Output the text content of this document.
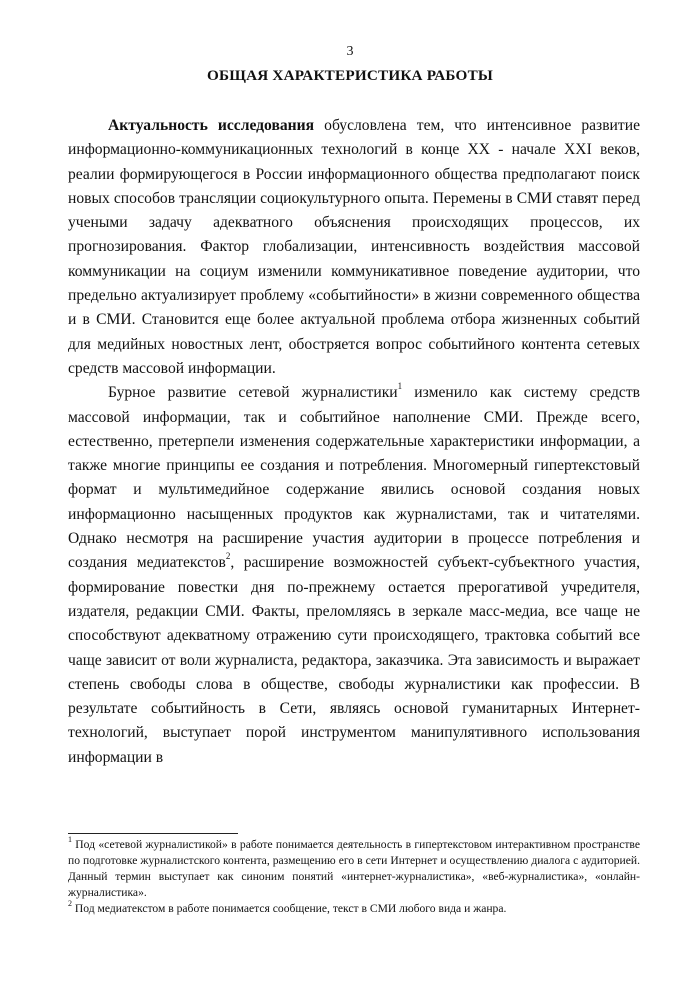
3
ОБЩАЯ ХАРАКТЕРИСТИКА РАБОТЫ

Актуальность исследования обусловлена тем, что интенсивное развитие информационно-коммуникационных технологий в конце XX - начале XXI веков, реалии формирующегося в России информационного общества предполагают поиск новых способов трансляции социокультурного опыта. Перемены в СМИ ставят перед учеными задачу адекватного объяснения происходящих процессов, их прогнозирования. Фактор глобализации, интенсивность воздействия массовой коммуникации на социум изменили коммуникативное поведение аудитории, что предельно актуализирует проблему «событийности» в жизни современного общества и в СМИ. Становится еще более актуальной проблема отбора жизненных событий для медийных новостных лент, обостряется вопрос событийного контента сетевых средств массовой информации.

Бурное развитие сетевой журналистики$^1$ изменило как систему средств массовой информации, так и событийное наполнение СМИ. Прежде всего, естественно, претерпели изменения содержательные характеристики информации, а также многие принципы ее создания и потребления. Многомерный гипертекстовый формат и мультимедийное содержание явились основой создания новых информационно насыщенных продуктов как журналистами, так и читателями. Однако несмотря на расширение участия аудитории в процессе потребления и создания медиатекстов$^2$, расширение возможностей субъект-субъектного участия, формирование повестки дня по-прежнему остается прерогативой учредителя, издателя, редакции СМИ. Факты, преломляясь в зеркале масс-медиа, все чаще не способствуют адекватному отражению сути происходящего, трактовка событий все чаще зависит от воли журналиста, редактора, заказчика. Эта зависимость и выражает степень свободы слова в обществе, свободы журналистики как профессии. В результате событийность в Сети, являясь основой гуманитарных Интернет-технологий, выступает порой инструментом манипулятивного использования информации в

$^1$ Под «сетевой журналистикой» в работе понимается деятельность в гипертекстовом интерактивном пространстве по подготовке журналистского контента, размещению его в сети Интернет и осуществлению диалога с аудиторией. Данный термин выступает как синоним понятий «интернет-журналистика», «веб-журналистика», «онлайн-журналистика».

$^2$ Под медиатекстом в работе понимается сообщение, текст в СМИ любого вида и жанра.
